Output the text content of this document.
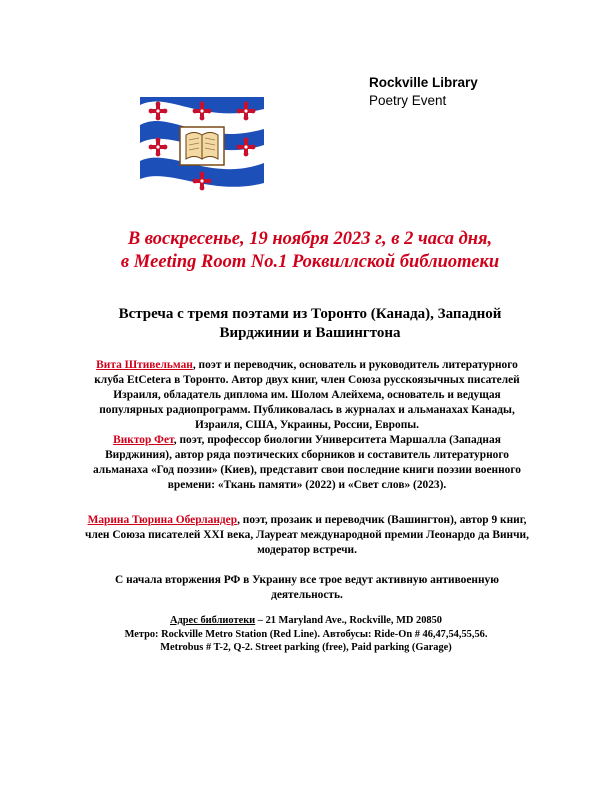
Rockville Library
Poetry Event
В воскресенье, 19 ноября 2023 г, в 2 часа дня,
в Meeting Room No.1 Роквиллской библиотеки
Встреча с тремя поэтами из Торонто (Канада), Западной
Вирджинии и Вашингтона
Вита Штивельман, поэт и переводчик, основатель и руководитель литературного клуба EtCetera в Торонто. Автор двух книг, член Союза русскоязычных писателей Израиля, обладатель диплома им. Шолом Алейхема, основатель и ведущая популярных радиопрограмм. Публиковалась в журналах и альманахах Канады, Израиля, США, Украины, России, Европы.
Виктор Фет, поэт, профессор биологии Университета Маршалла (Западная Вирджиния), автор ряда поэтических сборников и составитель литературного альманаха «Год поэзии» (Киев), представит свои последние книги поэзии военного времени: «Ткань памяти» (2022) и «Свет слов» (2023).
Марина Тюрина Оберландер, поэт, прозаик и переводчик (Вашингтон), автор 9 книг, член Союза писателей XXI века, Лауреат международной премии Леонардо да Винчи, модератор встречи.
С начала вторжения РФ в Украину все трое ведут активную антивоенную деятельность.
Адрес библиотеки – 21 Maryland Ave., Rockville, MD 20850
Метро: Rockville Metro Station (Red Line). Автобусы: Ride-On # 46,47,54,55,56.
Metrobus # T-2, Q-2. Street parking (free), Paid parking (Garage)
